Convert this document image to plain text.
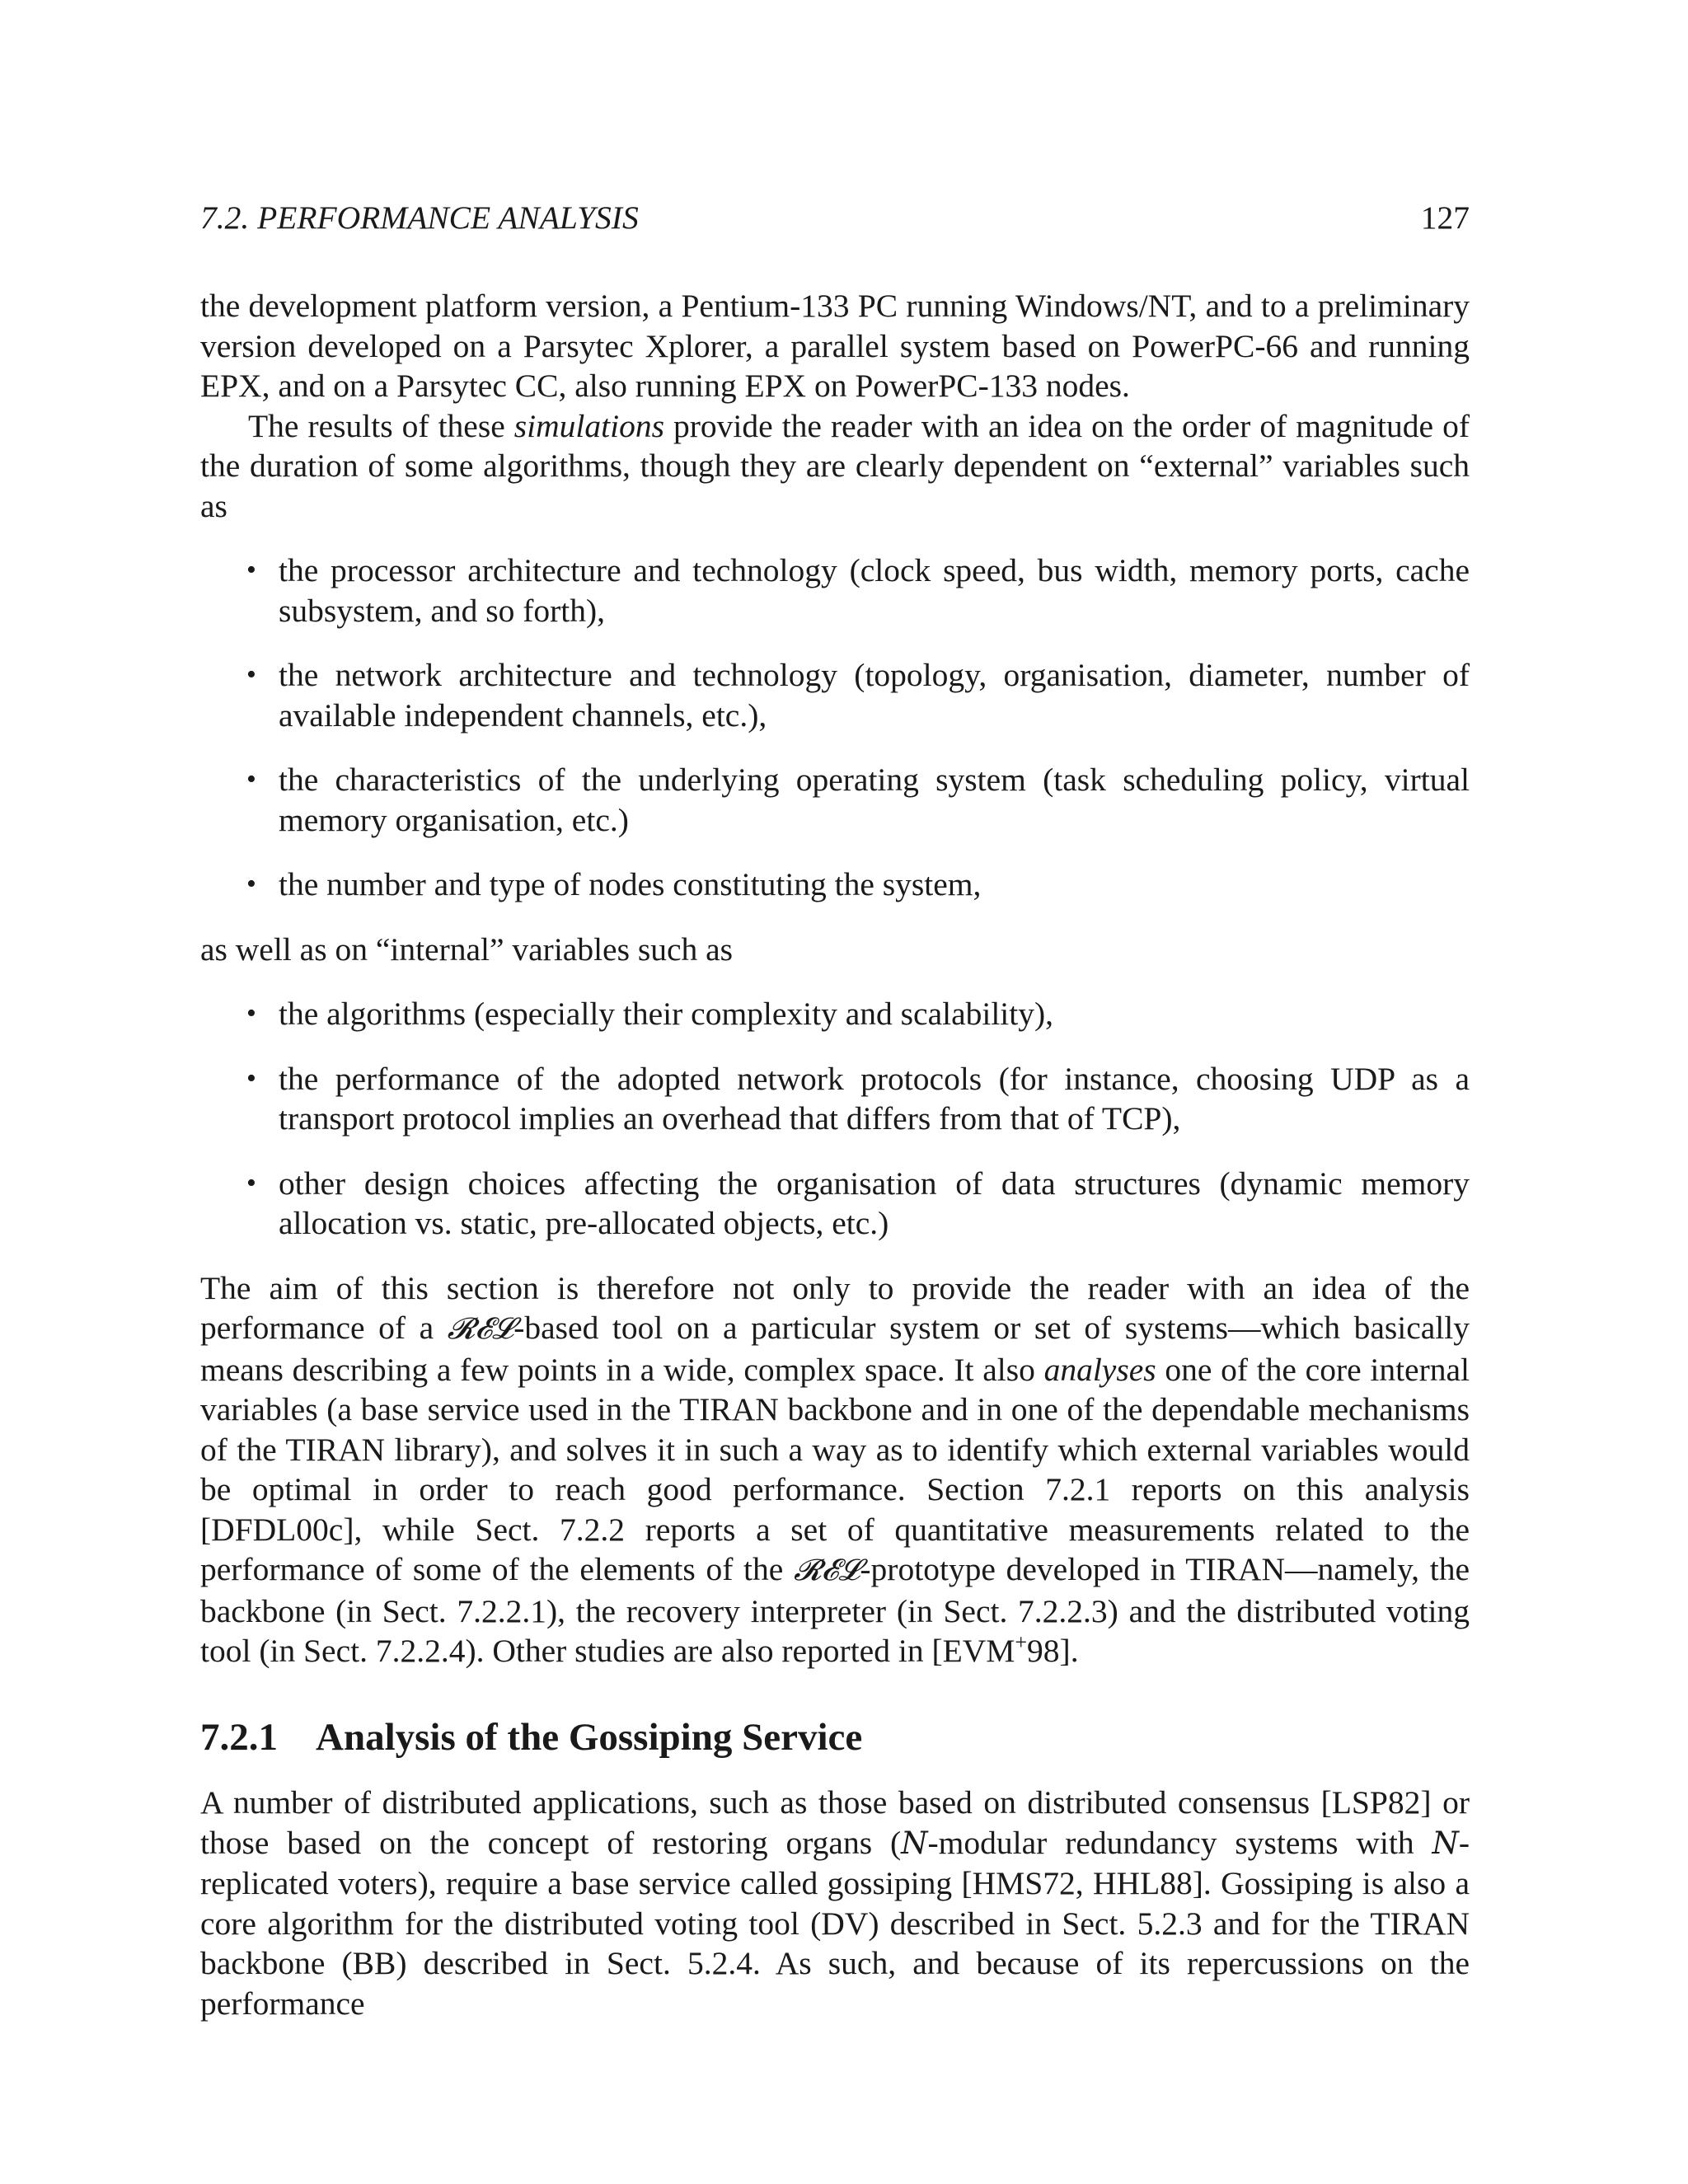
7.2. PERFORMANCE ANALYSIS	127

the development platform version, a Pentium-133 PC running Windows/NT, and to a preliminary version developed on a Parsytec Xplorer, a parallel system based on PowerPC-66 and running EPX, and on a Parsytec CC, also running EPX on PowerPC-133 nodes.

The results of these simulations provide the reader with an idea on the order of magnitude of the duration of some algorithms, though they are clearly dependent on “external” variables such as

• the processor architecture and technology (clock speed, bus width, memory ports, cache subsystem, and so forth),
• the network architecture and technology (topology, organisation, diameter, number of available independent channels, etc.),
• the characteristics of the underlying operating system (task scheduling policy, virtual memory organisation, etc.)
• the number and type of nodes constituting the system,

as well as on “internal” variables such as

• the algorithms (especially their complexity and scalability),
• the performance of the adopted network protocols (for instance, choosing UDP as a transport protocol implies an overhead that differs from that of TCP),
• other design choices affecting the organisation of data structures (dynamic memory allocation vs. static, pre-allocated objects, etc.)

The aim of this section is therefore not only to provide the reader with an idea of the performance of a 𝓡𝓔𝓛-based tool on a particular system or set of systems—which basically means describing a few points in a wide, complex space. It also analyses one of the core internal variables (a base service used in the TIRAN backbone and in one of the dependable mechanisms of the TIRAN library), and solves it in such a way as to identify which external variables would be optimal in order to reach good performance. Section 7.2.1 reports on this analysis [DFDL00c], while Sect. 7.2.2 reports a set of quantitative measurements related to the performance of some of the elements of the 𝓡𝓔𝓛-prototype developed in TIRAN—namely, the backbone (in Sect. 7.2.2.1), the recovery interpreter (in Sect. 7.2.2.3) and the distributed voting tool (in Sect. 7.2.2.4). Other studies are also reported in [EVM+98].

7.2.1 Analysis of the Gossiping Service

A number of distributed applications, such as those based on distributed consensus [LSP82] or those based on the concept of restoring organs (N-modular redundancy systems with N-replicated voters), require a base service called gossiping [HMS72, HHL88]. Gossiping is also a core algorithm for the distributed voting tool (DV) described in Sect. 5.2.3 and for the TIRAN backbone (BB) described in Sect. 5.2.4. As such, and because of its repercussions on the performance
